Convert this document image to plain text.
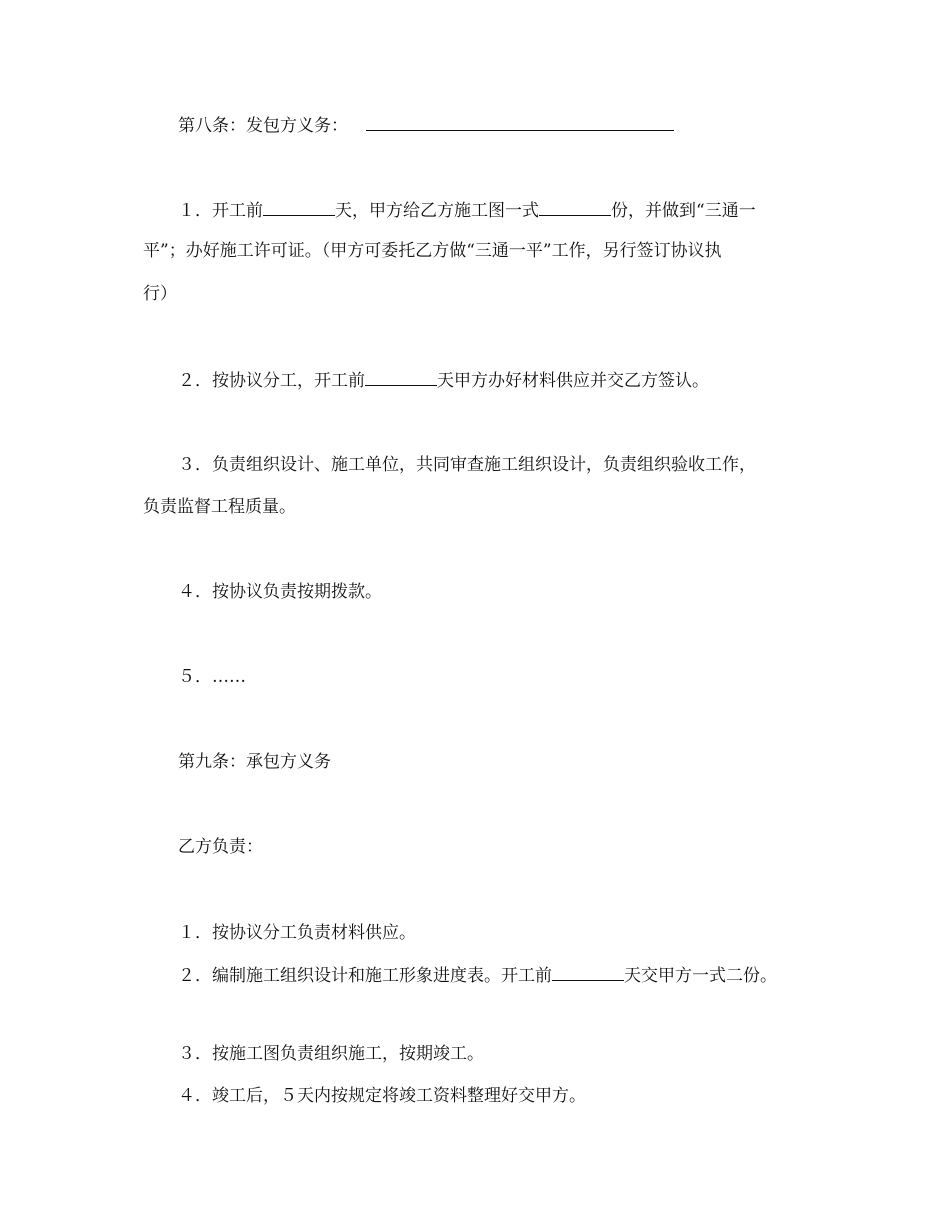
第八条：发包方义务：
１．开工前	天，甲方给乙方施工图一式	份，并做到“三通一
平”；办好施工许可证。（甲方可委托乙方做“三通一平”工作，另行签订协议执
行）
２．按协议分工，开工前	天甲方办好材料供应并交乙方签认。
３．负责组织设计、施工单位，共同审查施工组织设计，负责组织验收工作，
负责监督工程质量。
４．按协议负责按期拨款。
５．……
第九条：承包方义务
乙方负责：
１．按协议分工负责材料供应。
２．编制施工组织设计和施工形象进度表。开工前	天交甲方一式二份。
３．按施工图负责组织施工，按期竣工。
４．竣工后，５天内按规定将竣工资料整理好交甲方。
